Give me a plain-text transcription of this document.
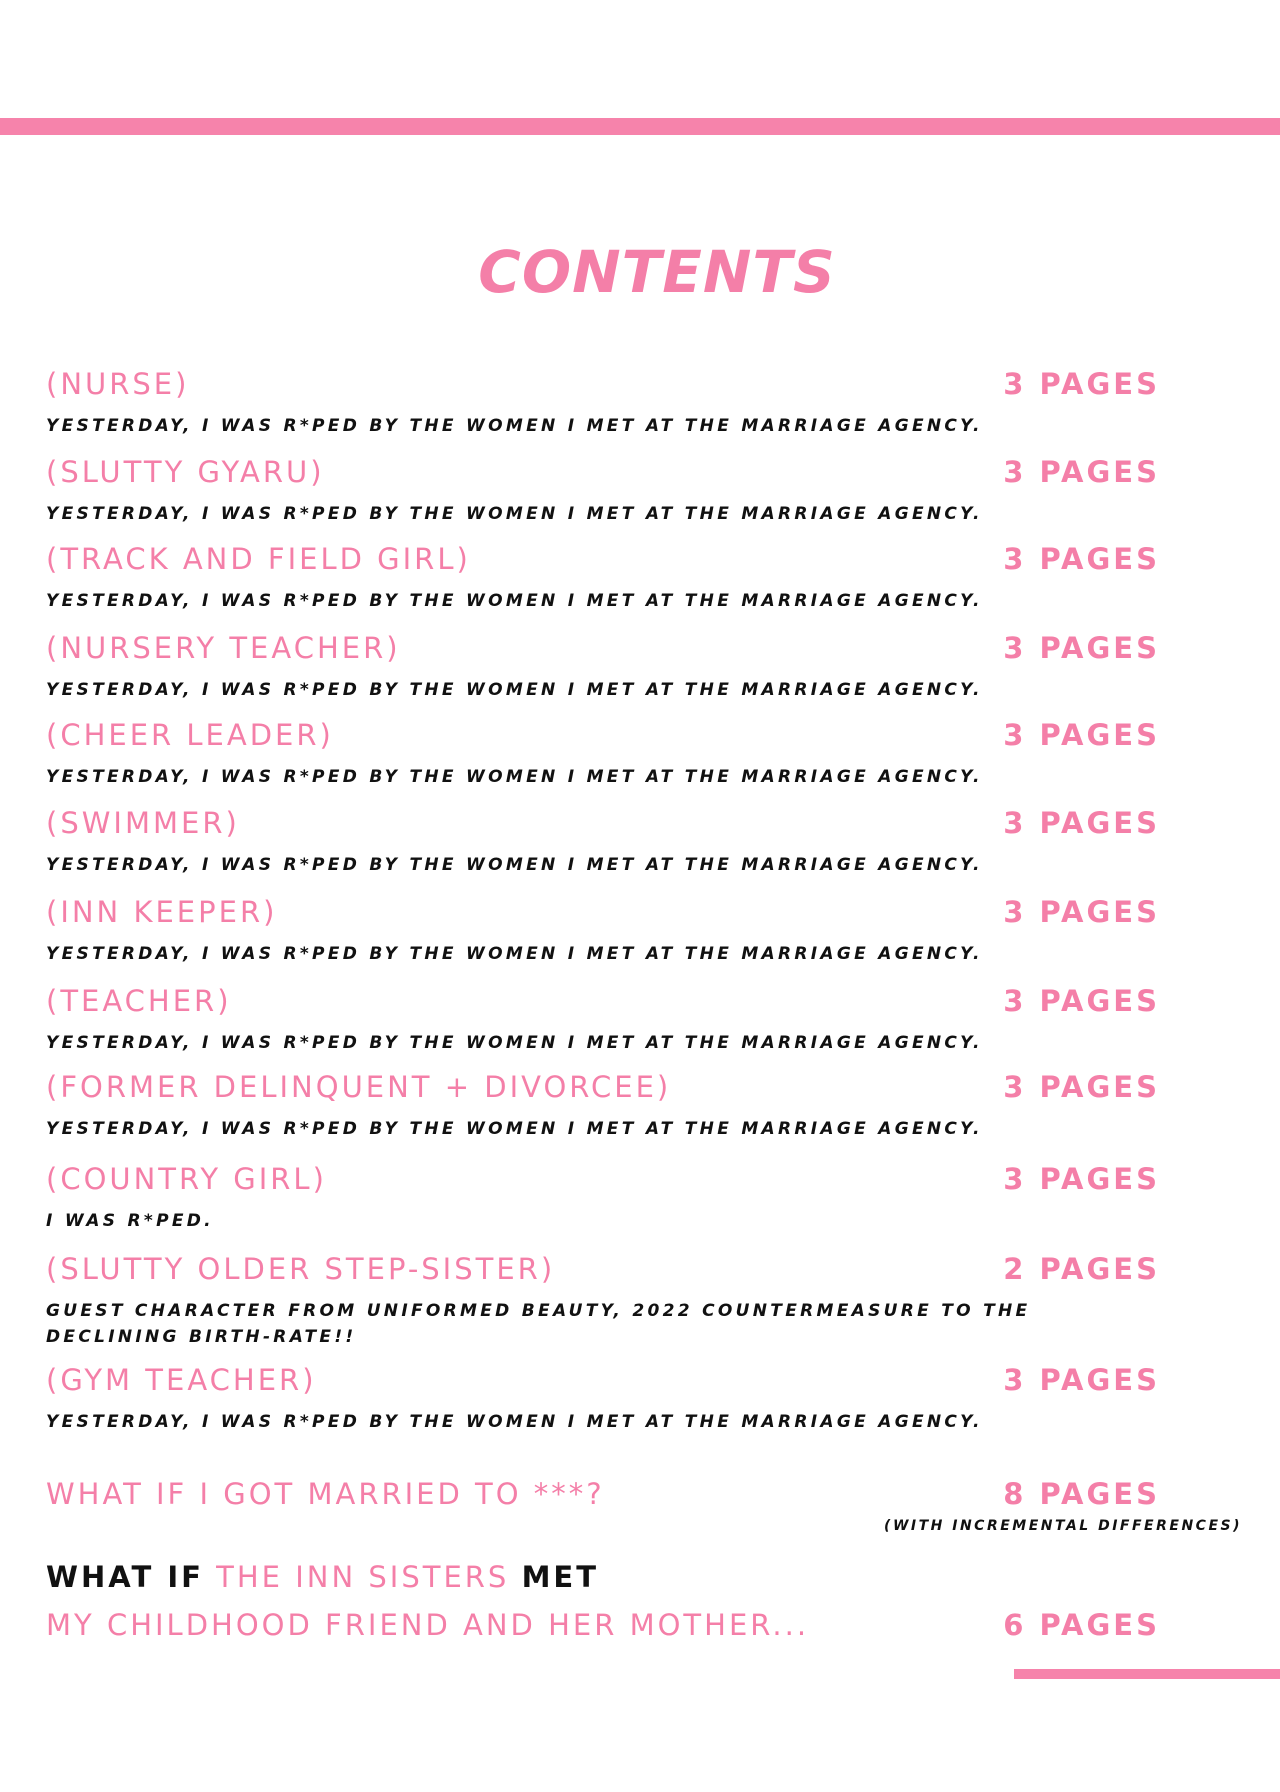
CONTENTS
(NURSE)	3 PAGES
YESTERDAY, I WAS R*PED BY THE WOMEN I MET AT THE MARRIAGE AGENCY.
(SLUTTY GYARU)	3 PAGES
YESTERDAY, I WAS R*PED BY THE WOMEN I MET AT THE MARRIAGE AGENCY.
(TRACK AND FIELD GIRL)	3 PAGES
YESTERDAY, I WAS R*PED BY THE WOMEN I MET AT THE MARRIAGE AGENCY.
(NURSERY TEACHER)	3 PAGES
YESTERDAY, I WAS R*PED BY THE WOMEN I MET AT THE MARRIAGE AGENCY.
(CHEER LEADER)	3 PAGES
YESTERDAY, I WAS R*PED BY THE WOMEN I MET AT THE MARRIAGE AGENCY.
(SWIMMER)	3 PAGES
YESTERDAY, I WAS R*PED BY THE WOMEN I MET AT THE MARRIAGE AGENCY.
(INN KEEPER)	3 PAGES
YESTERDAY, I WAS R*PED BY THE WOMEN I MET AT THE MARRIAGE AGENCY.
(TEACHER)	3 PAGES
YESTERDAY, I WAS R*PED BY THE WOMEN I MET AT THE MARRIAGE AGENCY.
(FORMER DELINQUENT + DIVORCEE)	3 PAGES
YESTERDAY, I WAS R*PED BY THE WOMEN I MET AT THE MARRIAGE AGENCY.
(COUNTRY GIRL)	3 PAGES
I WAS R*PED.
(SLUTTY OLDER STEP-SISTER)	2 PAGES
GUEST CHARACTER FROM UNIFORMED BEAUTY, 2022 COUNTERMEASURE TO THE
DECLINING BIRTH-RATE!!
(GYM TEACHER)	3 PAGES
YESTERDAY, I WAS R*PED BY THE WOMEN I MET AT THE MARRIAGE AGENCY.
WHAT IF I GOT MARRIED TO ***?	8 PAGES
(WITH INCREMENTAL DIFFERENCES)
WHAT IF THE INN SISTERS MET
MY CHILDHOOD FRIEND AND HER MOTHER...	6 PAGES
